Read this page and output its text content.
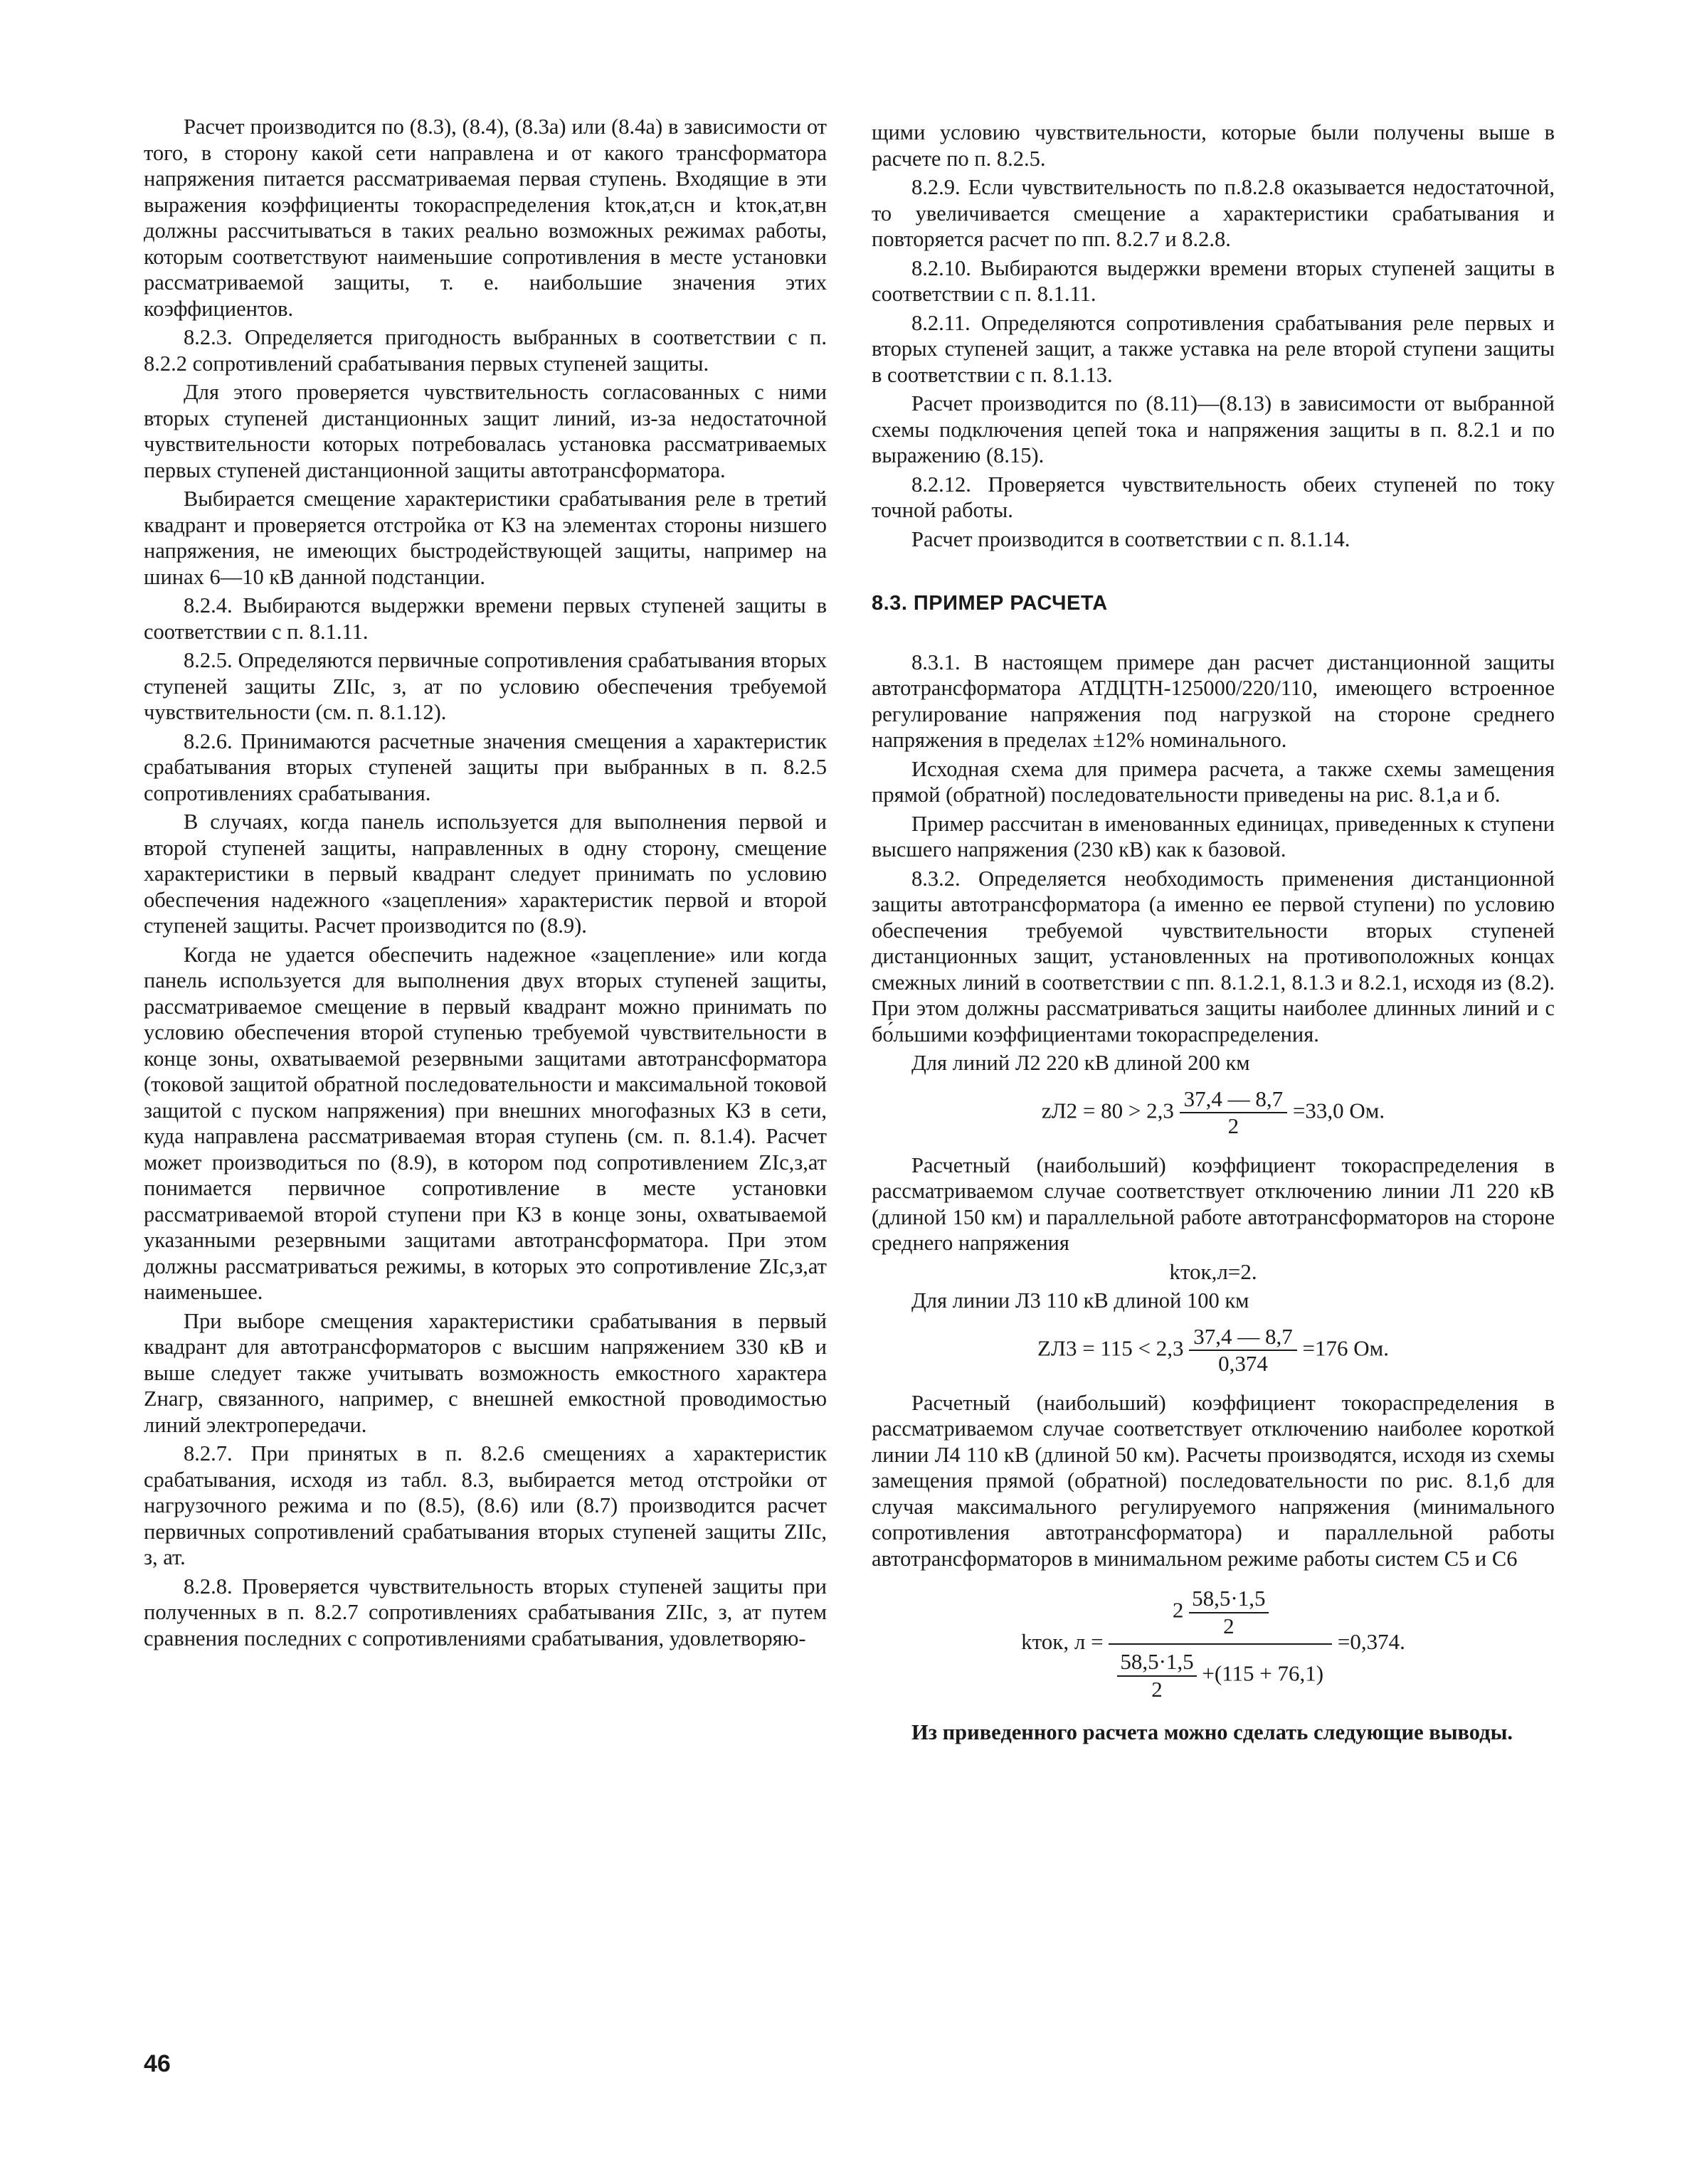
Расчет производится по (8.3), (8.4), (8.3а) или (8.4а) в зависимости от того, в сторону какой сети направлена и от какого трансформатора напряжения питается рассматриваемая первая ступень. Входящие в эти выражения коэффициенты токораспределения kток,ат,сн и kток,ат,вн должны рассчитываться в таких реально возможных режимах работы, которым соответствуют наименьшие сопротивления в месте установки рассматриваемой защиты, т. е. наибольшие значения этих коэффициентов.

8.2.3. Определяется пригодность выбранных в соответствии с п. 8.2.2 сопротивлений срабатывания первых ступеней защиты.

Для этого проверяется чувствительность согласованных с ними вторых ступеней дистанционных защит линий, из-за недостаточной чувствительности которых потребовалась установка рассматриваемых первых ступеней дистанционной защиты автотрансформатора.

Выбирается смещение характеристики срабатывания реле в третий квадрант и проверяется отстройка от КЗ на элементах стороны низшего напряжения, не имеющих быстродействующей защиты, например на шинах 6—10 кВ данной подстанции.

8.2.4. Выбираются выдержки времени первых ступеней защиты в соответствии с п. 8.1.11.

8.2.5. Определяются первичные сопротивления срабатывания вторых ступеней защиты ZIIс, з, ат по условию обеспечения требуемой чувствительности (см. п. 8.1.12).

8.2.6. Принимаются расчетные значения смещения a характеристик срабатывания вторых ступеней защиты при выбранных в п. 8.2.5 сопротивлениях срабатывания.

В случаях, когда панель используется для выполнения первой и второй ступеней защиты, направленных в одну сторону, смещение характеристики в первый квадрант следует принимать по условию обеспечения надежного «зацепления» характеристик первой и второй ступеней защиты. Расчет производится по (8.9).

Когда не удается обеспечить надежное «зацепление» или когда панель используется для выполнения двух вторых ступеней защиты, рассматриваемое смещение в первый квадрант можно принимать по условию обеспечения второй ступенью требуемой чувствительности в конце зоны, охватываемой резервными защитами автотрансформатора (токовой защитой обратной последовательности и максимальной токовой защитой с пуском напряжения) при внешних многофазных КЗ в сети, куда направлена рассматриваемая вторая ступень (см. п. 8.1.4). Расчет может производиться по (8.9), в котором под сопротивлением ZIс,з,ат понимается первичное сопротивление в месте установки рассматриваемой второй ступени при КЗ в конце зоны, охватываемой указанными резервными защитами автотрансформатора. При этом должны рассматриваться режимы, в которых это сопротивление ZIс,з,ат наименьшее.

При выборе смещения характеристики срабатывания в первый квадрант для автотрансформаторов с высшим напряжением 330 кВ и выше следует также учитывать возможность емкостного характера Zнагр, связанного, например, с внешней емкостной проводимостью линий электропередачи.

8.2.7. При принятых в п. 8.2.6 смещениях a характеристик срабатывания, исходя из табл. 8.3, выбирается метод отстройки от нагрузочного режима и по (8.5), (8.6) или (8.7) производится расчет первичных сопротивлений срабатывания вторых ступеней защиты ZIIс, з, ат.

8.2.8. Проверяется чувствительность вторых ступеней защиты при полученных в п. 8.2.7 сопротивлениях срабатывания ZIIс, з, ат путем сравнения последних с сопротивлениями срабатывания, удовлетворяю-

щими условию чувствительности, которые были получены выше в расчете по п. 8.2.5.

8.2.9. Если чувствительность по п.8.2.8 оказывается недостаточной, то увеличивается смещение a характеристики срабатывания и повторяется расчет по пп. 8.2.7 и 8.2.8.

8.2.10. Выбираются выдержки времени вторых ступеней защиты в соответствии с п. 8.1.11.

8.2.11. Определяются сопротивления срабатывания реле первых и вторых ступеней защит, а также уставка на реле второй ступени защиты в соответствии с п. 8.1.13.

Расчет производится по (8.11)—(8.13) в зависимости от выбранной схемы подключения цепей тока и напряжения защиты в п. 8.2.1 и по выражению (8.15).

8.2.12. Проверяется чувствительность обеих ступеней по току точной работы.

Расчет производится в соответствии с п. 8.1.14.

8.3. ПРИМЕР РАСЧЕТА

8.3.1. В настоящем примере дан расчет дистанционной защиты автотрансформатора АТДЦТН-125000/220/110, имеющего встроенное регулирование напряжения под нагрузкой на стороне среднего напряжения в пределах ±12% номинального.

Исходная схема для примера расчета, а также схемы замещения прямой (обратной) последовательности приведены на рис. 8.1,а и б.

Пример рассчитан в именованных единицах, приведенных к ступени высшего напряжения (230 кВ) как к базовой.

8.3.2. Определяется необходимость применения дистанционной защиты автотрансформатора (а именно ее первой ступени) по условию обеспечения требуемой чувствительности вторых ступеней дистанционных защит, установленных на противоположных концах смежных линий в соответствии с пп. 8.1.2.1, 8.1.3 и 8.2.1, исходя из (8.2). При этом должны рассматриваться защиты наиболее длинных линий и с бо́льшими коэффициентами токораспределения.

Для линий Л2 220 кВ длиной 200 км

$zЛ2 = 80 > 2,3 \frac{37,4 — 8,7}{2} =33,0$ Ом.

Расчетный (наибольший) коэффициент токораспределения в рассматриваемом случае соответствует отключению линии Л1 220 кВ (длиной 150 км) и параллельной работе автотрансформаторов на стороне среднего напряжения

kток,л=2.

Для линии Л3 110 кВ длиной 100 км

$ZЛ3 = 115 < 2,3 \frac{37,4 — 8,7}{0,374} =176$ Ом.

Расчетный (наибольший) коэффициент токораспределения в рассматриваемом случае соответствует отключению наиболее короткой линии Л4 110 кВ (длиной 50 км). Расчеты производятся, исходя из схемы замещения прямой (обратной) последовательности по рис. 8.1,б для случая максимального регулируемого напряжения (минимального сопротивления автотрансформатора) и параллельной работы автотрансформаторов в минимальном режиме работы систем С5 и С6

kток, $л = \frac{2 \frac{58,5\cdot 1,5}{2}}{\frac{58,5\cdot 1,5}{2} +(115 + 76,1)} =0,374$.

Из приведенного расчета можно сделать следующие выводы.

46
